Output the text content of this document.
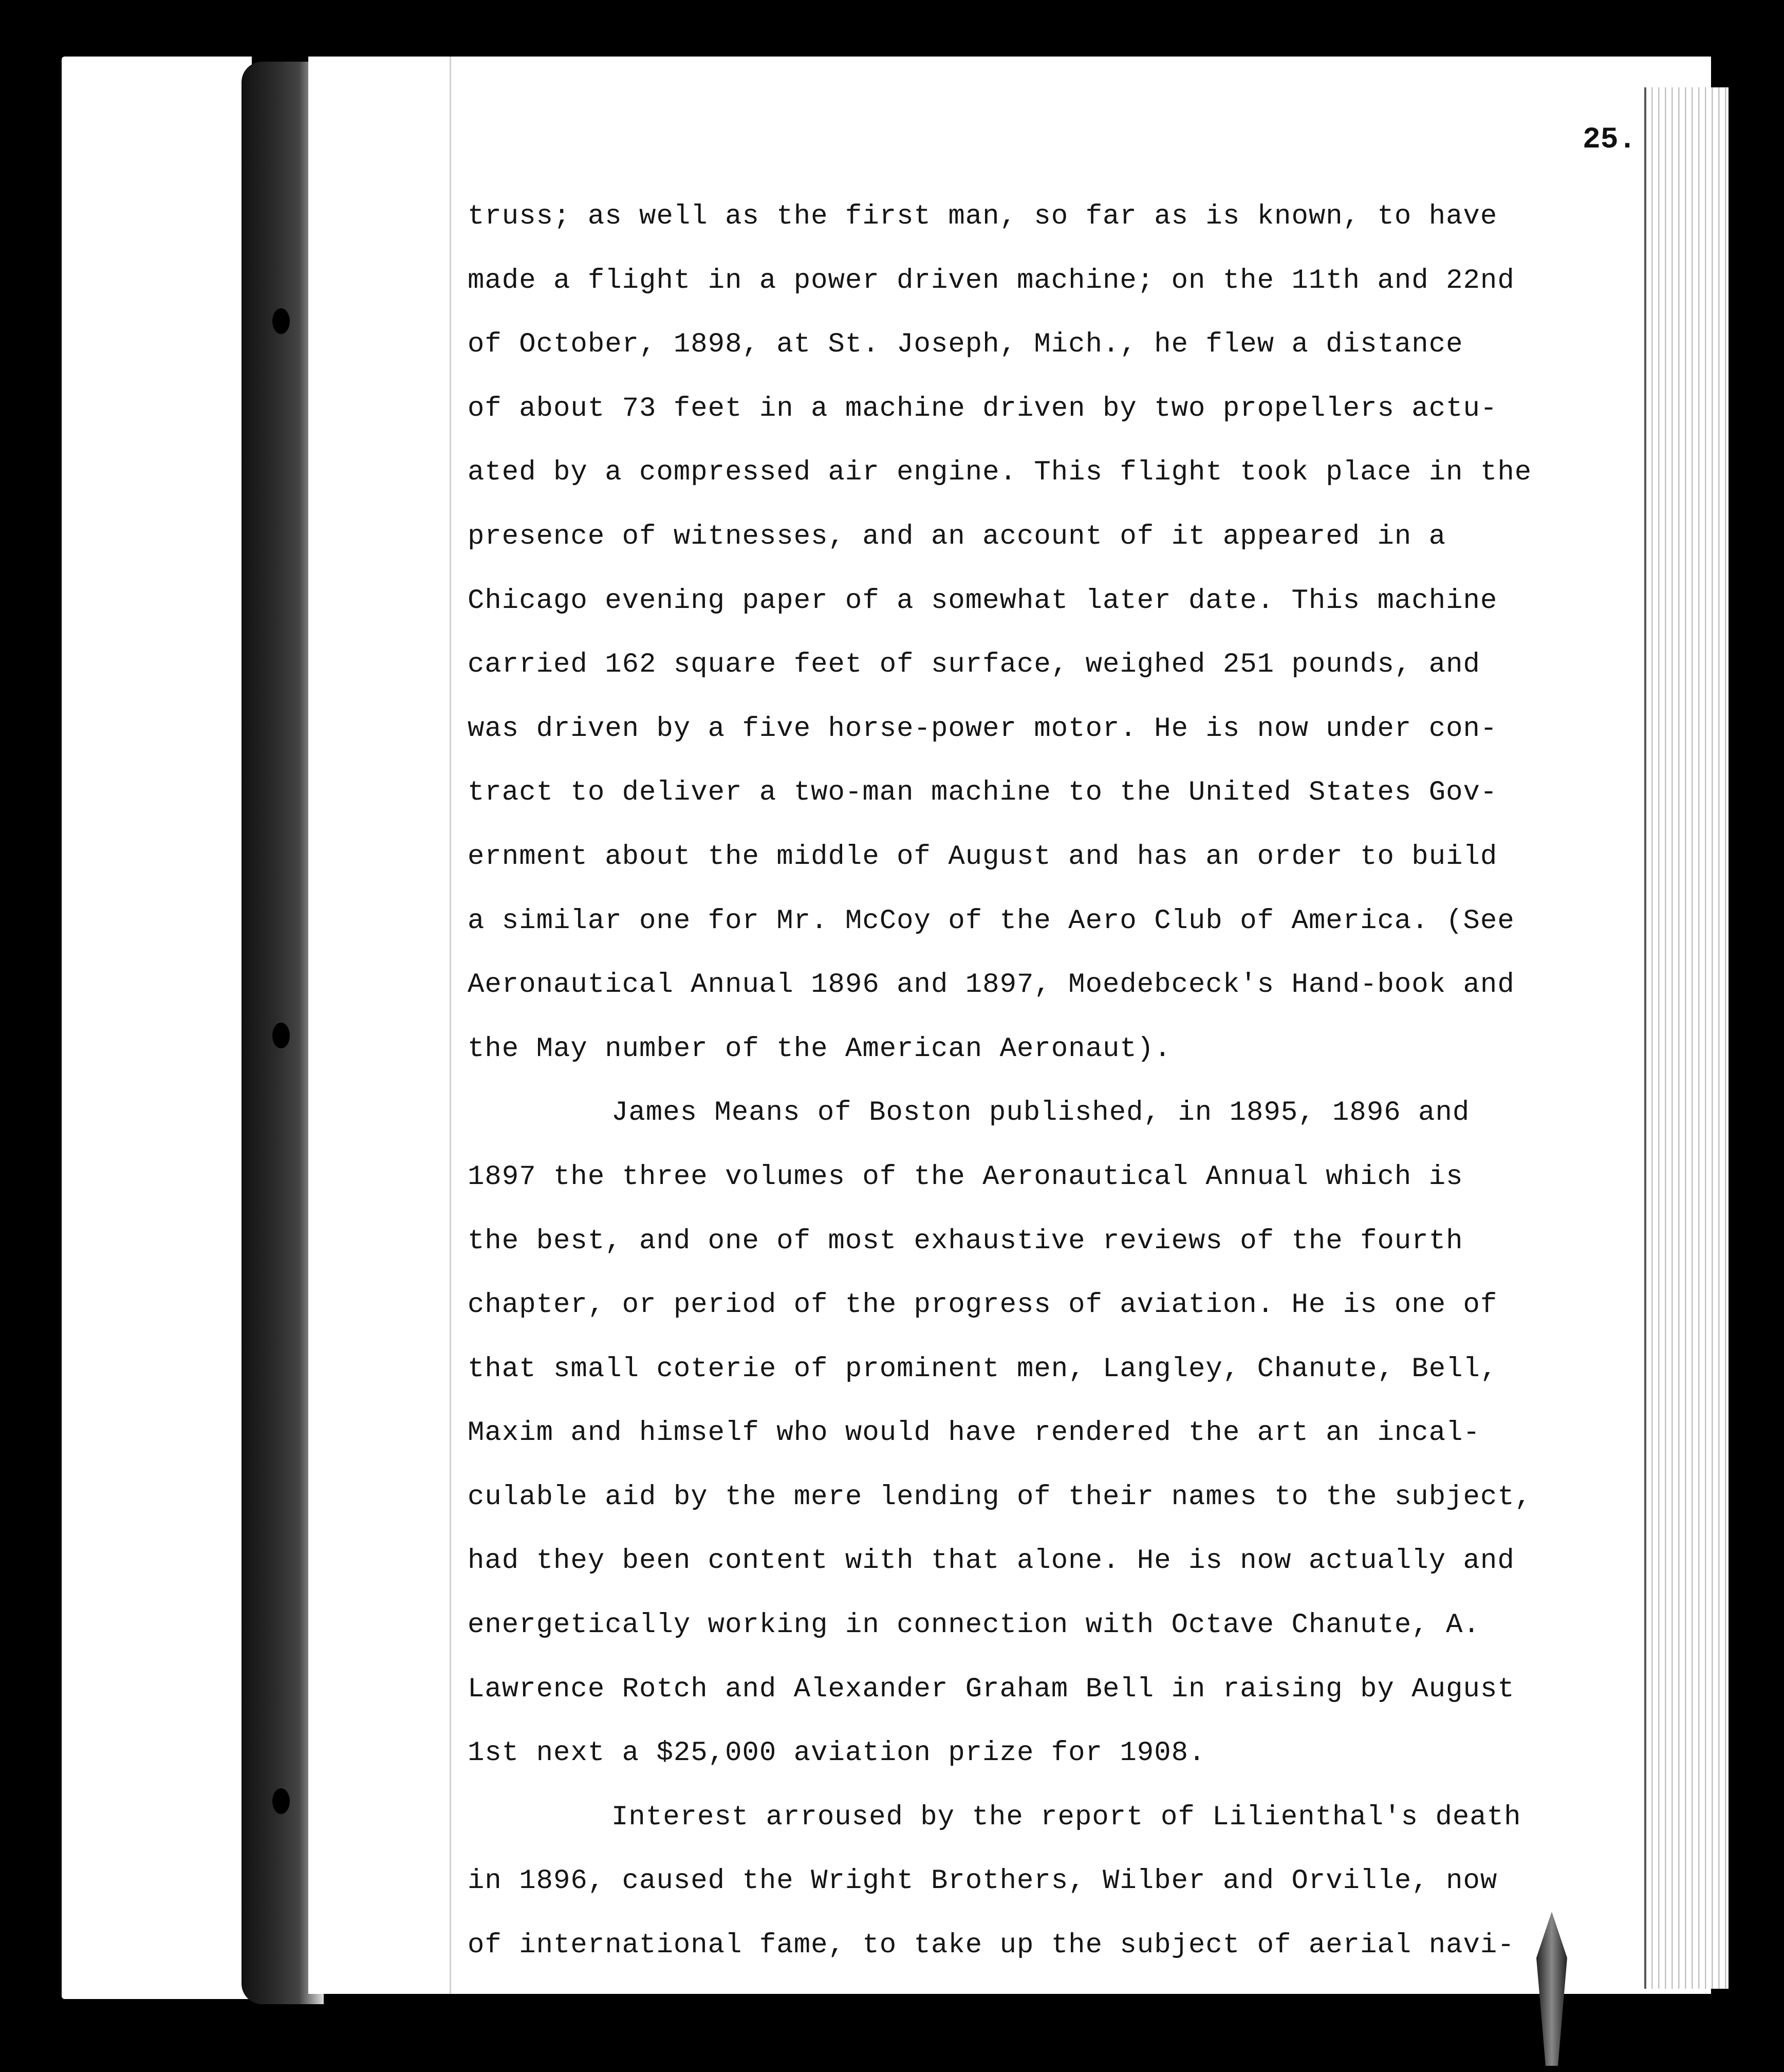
25.
truss; as well as the first man, so far as is known, to have
made a flight in a power driven machine; on the 11th and 22nd
of October, 1898, at St. Joseph, Mich., he flew a distance
of about 73 feet in a machine driven by two propellers actu-
ated by a compressed air engine. This flight took place in the
presence of witnesses, and an account of it appeared in a
Chicago evening paper of a somewhat later date. This machine
carried 162 square feet of surface, weighed 251 pounds, and
was driven by a five horse-power motor. He is now under con-
tract to deliver a two-man machine to the United States Gov-
ernment about the middle of August and has an order to build
a similar one for Mr. McCoy of the Aero Club of America. (See
Aeronautical Annual 1896 and 1897, Moedebceck's Hand-book and
the May number of the American Aeronaut).
James Means of Boston published, in 1895, 1896 and
1897 the three volumes of the Aeronautical Annual which is
the best, and one of most exhaustive reviews of the fourth
chapter, or period of the progress of aviation. He is one of
that small coterie of prominent men, Langley, Chanute, Bell,
Maxim and himself who would have rendered the art an incal-
culable aid by the mere lending of their names to the subject,
had they been content with that alone. He is now actually and
energetically working in connection with Octave Chanute, A.
Lawrence Rotch and Alexander Graham Bell in raising by August
1st next a $25,000 aviation prize for 1908.
Interest arroused by the report of Lilienthal's death
in 1896, caused the Wright Brothers, Wilber and Orville, now
of international fame, to take up the subject of aerial navi-
